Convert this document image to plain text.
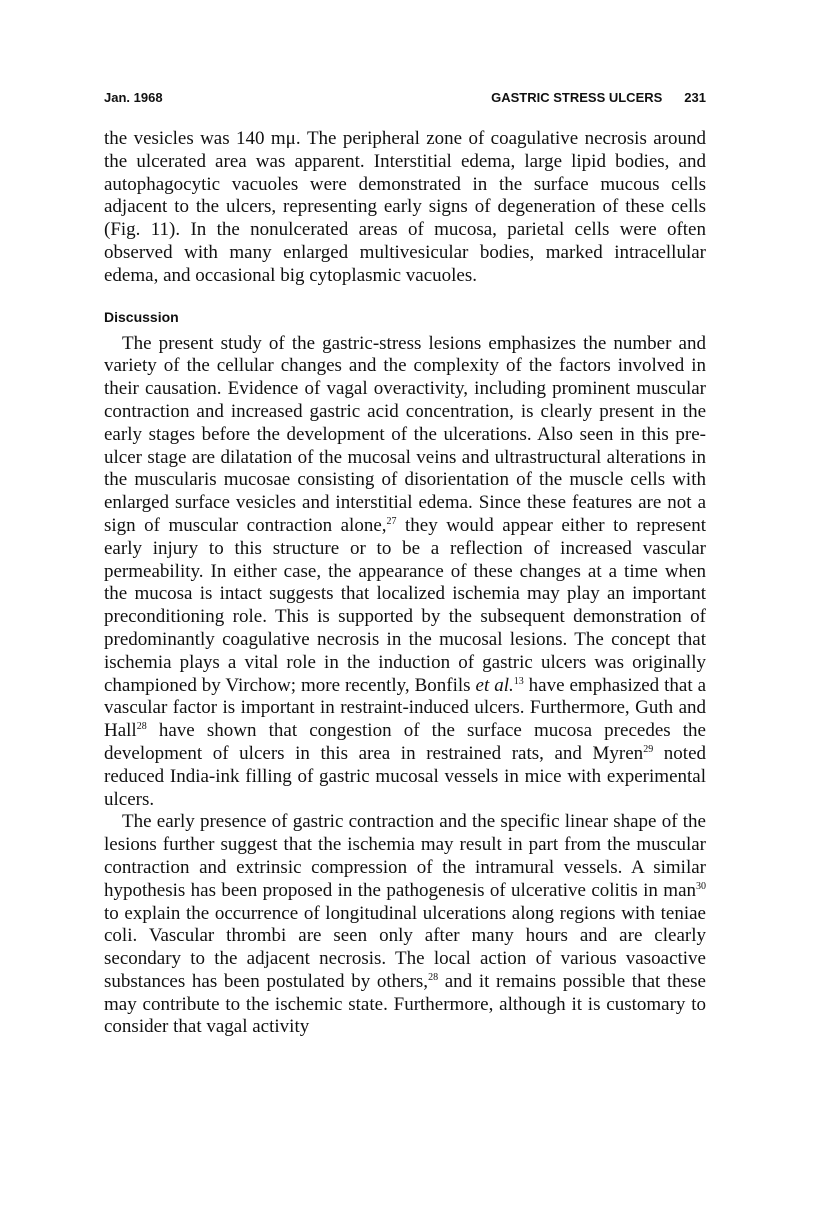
Jan. 1968	GASTRIC STRESS ULCERS 231

the vesicles was 140 mμ. The peripheral zone of coagulative necrosis around the ulcerated area was apparent. Interstitial edema, large lipid bodies, and autophagocytic vacuoles were demonstrated in the surface mucous cells adjacent to the ulcers, representing early signs of degeneration of these cells (Fig. 11). In the nonulcerated areas of mucosa, parietal cells were often observed with many enlarged multivesicular bodies, marked intracellular edema, and occasional big cytoplasmic vacuoles.

Discussion

The present study of the gastric-stress lesions emphasizes the number and variety of the cellular changes and the complexity of the factors involved in their causation. Evidence of vagal overactivity, including prominent muscular contraction and increased gastric acid concentration, is clearly present in the early stages before the development of the ulcerations. Also seen in this pre-ulcer stage are dilatation of the mucosal veins and ultrastructural alterations in the muscularis mucosae consisting of disorientation of the muscle cells with enlarged surface vesicles and interstitial edema. Since these features are not a sign of muscular contraction alone,$^{27}$ they would appear either to represent early injury to this structure or to be a reflection of increased vascular permeability. In either case, the appearance of these changes at a time when the mucosa is intact suggests that localized ischemia may play an important preconditioning role. This is supported by the subsequent demonstration of predominantly coagulative necrosis in the mucosal lesions. The concept that ischemia plays a vital role in the induction of gastric ulcers was originally championed by Virchow; more recently, Bonfils et al.$^{13}$ have emphasized that a vascular factor is important in restraint-induced ulcers. Furthermore, Guth and Hall$^{28}$ have shown that congestion of the surface mucosa precedes the development of ulcers in this area in restrained rats, and Myren$^{29}$ noted reduced India-ink filling of gastric mucosal vessels in mice with experimental ulcers.

The early presence of gastric contraction and the specific linear shape of the lesions further suggest that the ischemia may result in part from the muscular contraction and extrinsic compression of the intramural vessels. A similar hypothesis has been proposed in the pathogenesis of ulcerative colitis in man$^{30}$ to explain the occurrence of longitudinal ulcerations along regions with teniae coli. Vascular thrombi are seen only after many hours and are clearly secondary to the adjacent necrosis. The local action of various vasoactive substances has been postulated by others,$^{28}$ and it remains possible that these may contribute to the ischemic state. Furthermore, although it is customary to consider that vagal activity
